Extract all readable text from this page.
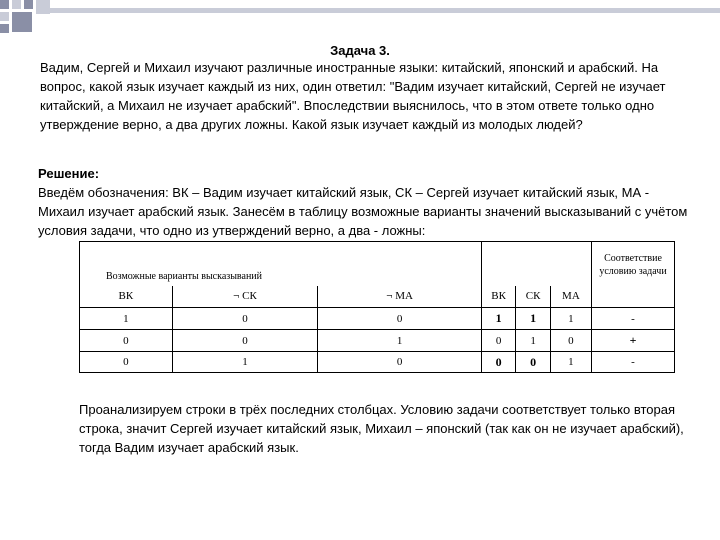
Задача 3.
Вадим, Сергей и Михаил изучают различные иностранные языки: китайский, японский и арабский. На вопрос, какой язык изучает каждый из них, один ответил: "Вадим изучает китайский, Сергей не изучает китайский, а Михаил не изучает арабский". Впоследствии выяснилось, что в этом ответе только одно утверждение верно, а два других ложны. Какой язык изучает каждый из молодых людей?
Решение:
Введём обозначения: ВК – Вадим изучает китайский язык, СК – Сергей изучает китайский язык, МА - Михаил изучает арабский язык. Занесём в таблицу возможные варианты значений высказываний с учётом условия задачи, что одно из утверждений верно, а два - ложны:
Возможные варианты высказываний						Соответствие условию задачи
ВК	¬ СК	¬ МА	ВК	СК	МА	
1	0	0	1	1	1	-
0	0	1	0	1	0	+
0	1	0	0	0	1	-
Проанализируем строки в трёх последних столбцах. Условию задачи соответствует только вторая строка, значит Сергей изучает китайский язык, Михаил – японский (так как он не изучает арабский), тогда Вадим изучает арабский язык.
